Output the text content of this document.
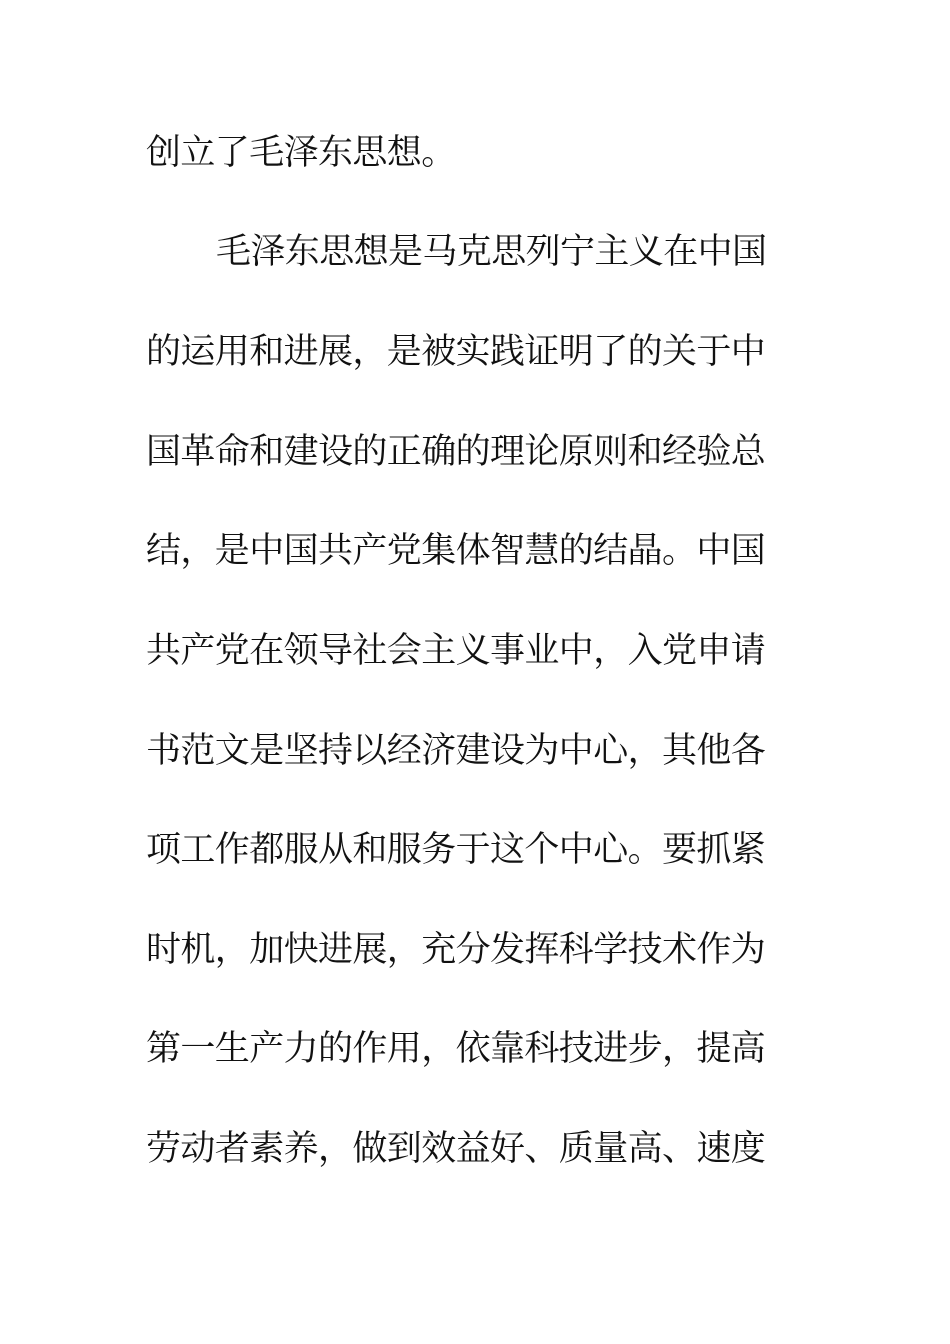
创立了毛泽东思想。
毛泽东思想是马克思列宁主义在中国
的运用和进展，是被实践证明了的关于中
国革命和建设的正确的理论原则和经验总
结，是中国共产党集体智慧的结晶。中国
共产党在领导社会主义事业中，入党申请
书范文是坚持以经济建设为中心，其他各
项工作都服从和服务于这个中心。要抓紧
时机，加快进展，充分发挥科学技术作为
第一生产力的作用，依靠科技进步，提高
劳动者素养，做到效益好、质量高、速度
